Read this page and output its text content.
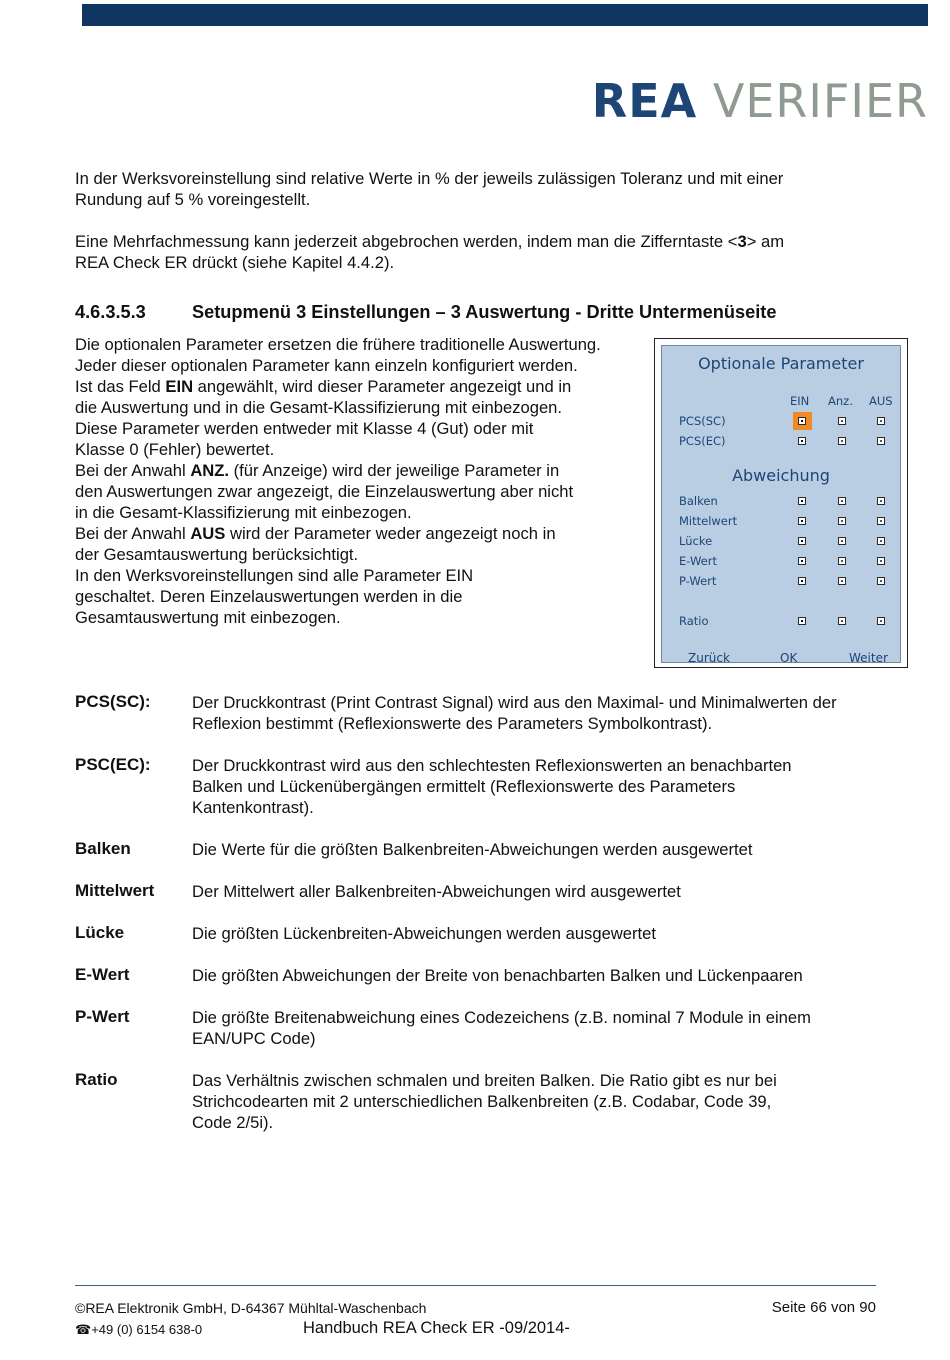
REA VERIFIER
In der Werksvoreinstellung sind relative Werte in % der jeweils zulässigen Toleranz und mit einer
Rundung auf 5 % voreingestellt.
Eine Mehrfachmessung kann jederzeit abgebrochen werden, indem man die Zifferntaste <3> am
REA Check ER drückt (siehe Kapitel 4.4.2).
4.6.3.5.3	Setupmenü 3 Einstellungen – 3 Auswertung - Dritte Untermenüseite
Die optionalen Parameter ersetzen die frühere traditionelle Auswertung.
Jeder dieser optionalen Parameter kann einzeln konfiguriert werden.
Ist das Feld EIN angewählt, wird dieser Parameter angezeigt und in
die Auswertung und in die Gesamt-Klassifizierung mit einbezogen.
Diese Parameter werden entweder mit Klasse 4 (Gut) oder mit
Klasse 0 (Fehler) bewertet.
Bei der Anwahl ANZ. (für Anzeige) wird der jeweilige Parameter in
den Auswertungen zwar angezeigt, die Einzelauswertung aber nicht
in die Gesamt-Klassifizierung mit einbezogen.
Bei der Anwahl AUS wird der Parameter weder angezeigt noch in
der Gesamtauswertung berücksichtigt.
In den Werksvoreinstellungen sind alle Parameter EIN
geschaltet. Deren Einzelauswertungen werden in die
Gesamtauswertung mit einbezogen.
Optionale Parameter
EIN Anz. AUS
PCS(SC)
PCS(EC)
Abweichung
Balken
Mittelwert
Lücke
E-Wert
P-Wert
Ratio
Zurück	OK	Weiter
PCS(SC): Der Druckkontrast (Print Contrast Signal) wird aus den Maximal- und Minimalwerten der
Reflexion bestimmt (Reflexionswerte des Parameters Symbolkontrast).
PSC(EC): Der Druckkontrast wird aus den schlechtesten Reflexionswerten an benachbarten
Balken und Lückenübergängen ermittelt (Reflexionswerte des Parameters
Kantenkontrast).
Balken	Die Werte für die größten Balkenbreiten-Abweichungen werden ausgewertet
Mittelwert Der Mittelwert aller Balkenbreiten-Abweichungen wird ausgewertet
Lücke	Die größten Lückenbreiten-Abweichungen werden ausgewertet
E-Wert	Die größten Abweichungen der Breite von benachbarten Balken und Lückenpaaren
P-Wert	Die größte Breitenabweichung eines Codezeichens (z.B. nominal 7 Module in einem
EAN/UPC Code)
Ratio	Das Verhältnis zwischen schmalen und breiten Balken. Die Ratio gibt es nur bei
Strichcodearten mit 2 unterschiedlichen Balkenbreiten (z.B. Codabar, Code 39,
Code 2/5i).
©REA Elektronik GmbH, D-64367 Mühltal-Waschenbach	Seite 66 von 90
☎+49 (0) 6154 638-0	Handbuch REA Check ER -09/2014-
